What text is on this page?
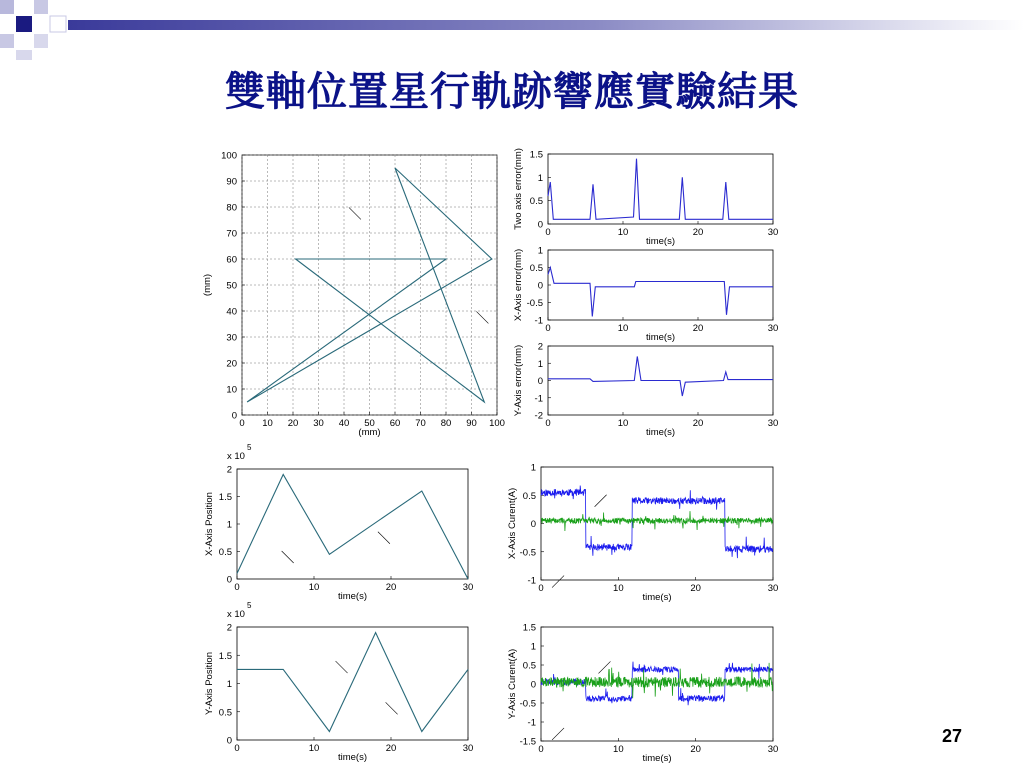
雙軸位置星行軌跡響應實驗結果
0 10 20 30 40 50 60 70 80 90 100
0
10
20
30
40
50
60
70
80
90
100
(mm)
(mm)
0	10	20	30
0
0.5
1
1.5
time(s)
Two axis error(mm)
0	10	20	30
-1
-0.5
0
0.5
1
time(s)
X-Axis error(mm)
0	10	20	30
-2
-1
0
1
2
time(s)
Y-Axis error(mm)
0	10	20	30
0
0.5
1
1.5
2
time(s)
X-Axis Position
x 10
5
0	10	20	30
-1
-0.5
0
0.5
1
time(s)
X-Axis Curent(A)
0	10	20	30
0
0.5
1
1.5
2
time(s)
Y-Axis Position
x 10
5
0	10	20	30
-1.5
-1
-0.5
0
0.5
1
1.5
time(s)
Y-Axis Curent(A)
27
